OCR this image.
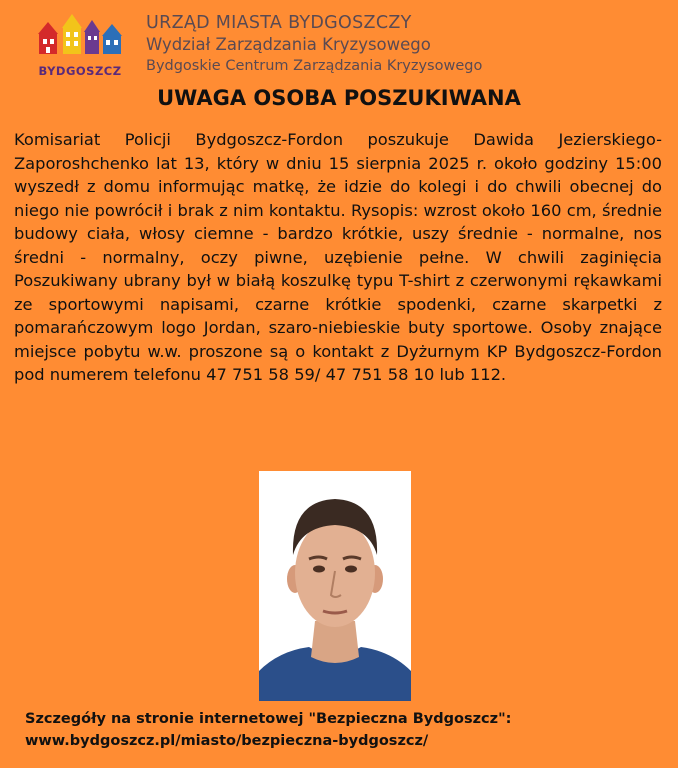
BYDGOSZCZ
URZĄD MIASTA BYDGOSZCZY
Wydział Zarządzania Kryzysowego
Bydgoskie Centrum Zarządzania Kryzysowego
UWAGA OSOBA POSZUKIWANA

Komisariat Policji Bydgoszcz-Fordon poszukuje Dawida Jezierskiego-Zaporoshchenko lat 13, który w dniu 15 sierpnia 2025 r. około godziny 15:00 wyszedł z domu informując matkę, że idzie do kolegi i do chwili obecnej do niego nie powrócił i brak z nim kontaktu. Rysopis: wzrost około 160 cm, średnie budowy ciała, włosy ciemne - bardzo krótkie, uszy średnie - normalne, nos średni - normalny, oczy piwne, uzębienie pełne. W chwili zaginięcia Poszukiwany ubrany był w białą koszulkę typu T-shirt z czerwonymi rękawkami ze sportowymi napisami, czarne krótkie spodenki, czarne skarpetki z pomarańczowym logo Jordan, szaro-niebieskie buty sportowe. Osoby znające miejsce pobytu w.w. proszone są o kontakt z Dyżurnym KP Bydgoszcz-Fordon pod numerem telefonu 47 751 58 59/ 47 751 58 10 lub 112.

Szczegóły na stronie internetowej "Bezpieczna Bydgoszcz":
www.bydgoszcz.pl/miasto/bezpieczna-bydgoszcz/
